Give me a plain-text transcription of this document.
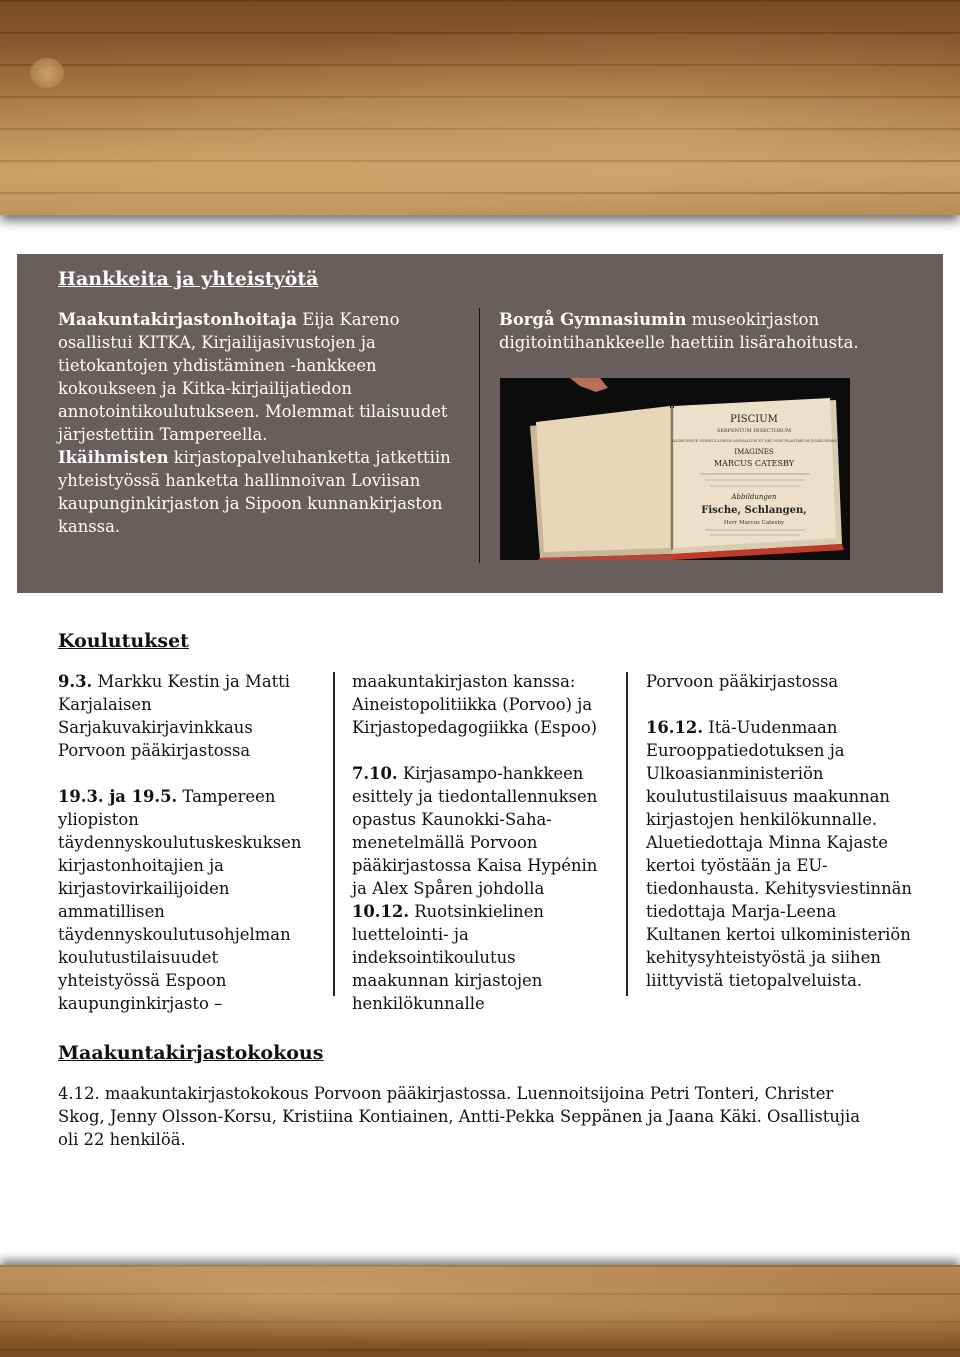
Hankkeita ja yhteistyötä

Maakuntakirjastonhoitaja Eija Kareno osallistui KITKA, Kirjailijasivustojen ja tietokantojen yhdistäminen -hankkeen kokoukseen ja Kitka-kirjailijatiedon annotointikoulutukseen. Molemmat tilaisuudet järjestettiin Tampereella.

Ikäihmisten kirjastopalveluhanketta jatkettiin yhteistyössä hanketta hallinnoivan Loviisan kaupunginkirjaston ja Sipoon kunnankirjaston kanssa.

Borgå Gymnasiumin museokirjaston digitointihankkeelle haettiin lisärahoitusta.

PISCIUM
SERPENTUM INSECTORUM
ALIORUMQUE NONNULLORUM ANIMALIUM ET NEC NON PLANTARUM QUARUNDAM
IMAGINES
MARCUS CATESBY
Abbildungen
Fische, Schlangen,
Herr Marcus Catesby
Koulutukset

9.3. Markku Kestin ja Matti Karjalaisen Sarjakuvakirjavinkkaus Porvoon pääkirjastossa

19.3. ja 19.5. Tampereen yliopiston täydennyskoulutuskeskuksen kirjastonhoitajien ja kirjastovirkailijoiden ammatillisen täydennyskoulutusohjelman koulutustilaisuudet yhteistyössä Espoon kaupunginkirjasto –

maakuntakirjaston kanssa: Aineistopolitiikka (Porvoo) ja Kirjastopedagogiikka (Espoo)

7.10. Kirjasampo-hankkeen esittely ja tiedontallennuksen opastus Kaunokki-Saha-menetelmällä Porvoon pääkirjastossa Kaisa Hypénin ja Alex Spåren johdolla

10.12. Ruotsinkielinen luettelointi- ja indeksointikoulutus maakunnan kirjastojen henkilökunnalle

Porvoon pääkirjastossa

16.12. Itä-Uudenmaan Eurooppatiedotuksen ja Ulkoasianministeriön koulutustilaisuus maakunnan kirjastojen henkilökunnalle. Aluetiedottaja Minna Kajaste kertoi työstään ja EU-tiedonhausta. Kehitysviestinnän tiedottaja Marja-Leena Kultanen kertoi ulkoministeriön kehitysyhteistyöstä ja siihen liittyvistä tietopalveluista.

Maakuntakirjastokokous

4.12. maakuntakirjastokokous Porvoon pääkirjastossa. Luennoitsijoina Petri Tonteri, Christer Skog, Jenny Olsson-Korsu, Kristiina Kontiainen, Antti-Pekka Seppänen ja Jaana Käki. Osallistujia oli 22 henkilöä.
